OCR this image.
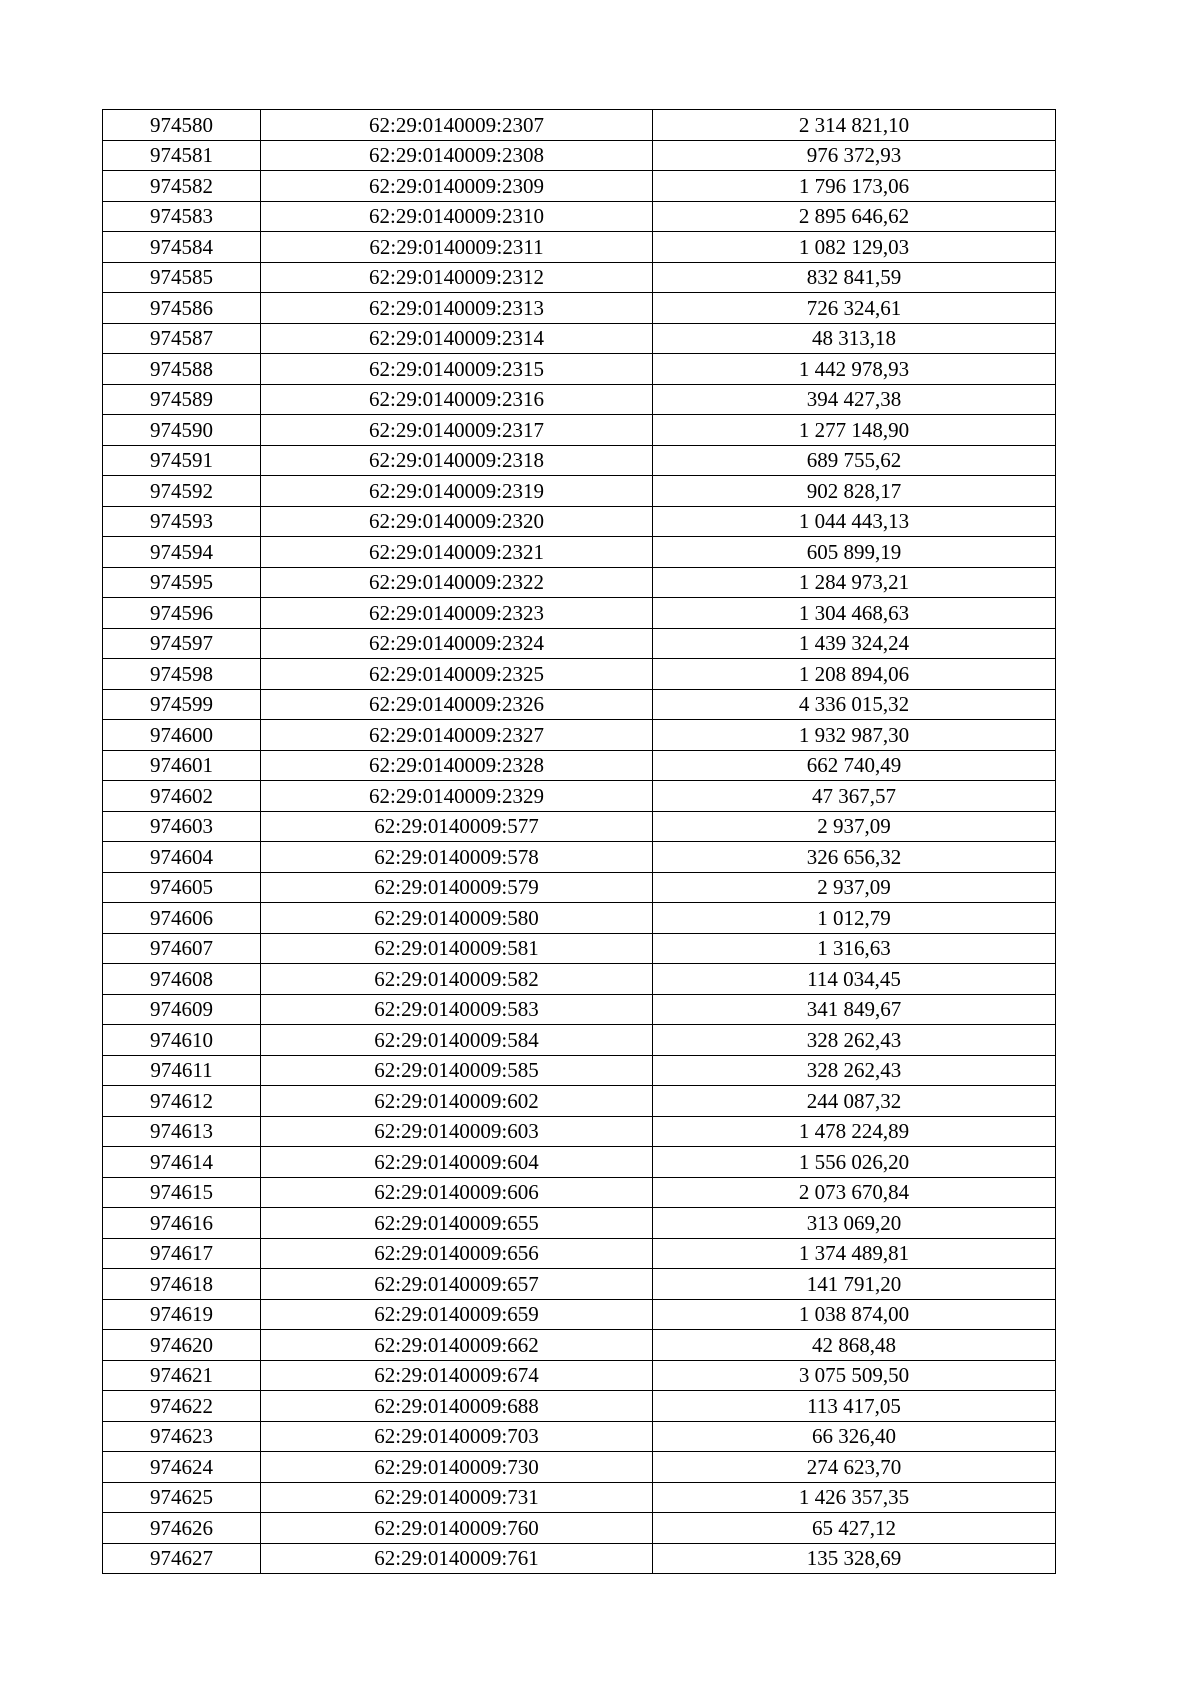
974580	62:29:0140009:2307	2 314 821,10
974581	62:29:0140009:2308	976 372,93
974582	62:29:0140009:2309	1 796 173,06
974583	62:29:0140009:2310	2 895 646,62
974584	62:29:0140009:2311	1 082 129,03
974585	62:29:0140009:2312	832 841,59
974586	62:29:0140009:2313	726 324,61
974587	62:29:0140009:2314	48 313,18
974588	62:29:0140009:2315	1 442 978,93
974589	62:29:0140009:2316	394 427,38
974590	62:29:0140009:2317	1 277 148,90
974591	62:29:0140009:2318	689 755,62
974592	62:29:0140009:2319	902 828,17
974593	62:29:0140009:2320	1 044 443,13
974594	62:29:0140009:2321	605 899,19
974595	62:29:0140009:2322	1 284 973,21
974596	62:29:0140009:2323	1 304 468,63
974597	62:29:0140009:2324	1 439 324,24
974598	62:29:0140009:2325	1 208 894,06
974599	62:29:0140009:2326	4 336 015,32
974600	62:29:0140009:2327	1 932 987,30
974601	62:29:0140009:2328	662 740,49
974602	62:29:0140009:2329	47 367,57
974603	62:29:0140009:577	2 937,09
974604	62:29:0140009:578	326 656,32
974605	62:29:0140009:579	2 937,09
974606	62:29:0140009:580	1 012,79
974607	62:29:0140009:581	1 316,63
974608	62:29:0140009:582	114 034,45
974609	62:29:0140009:583	341 849,67
974610	62:29:0140009:584	328 262,43
974611	62:29:0140009:585	328 262,43
974612	62:29:0140009:602	244 087,32
974613	62:29:0140009:603	1 478 224,89
974614	62:29:0140009:604	1 556 026,20
974615	62:29:0140009:606	2 073 670,84
974616	62:29:0140009:655	313 069,20
974617	62:29:0140009:656	1 374 489,81
974618	62:29:0140009:657	141 791,20
974619	62:29:0140009:659	1 038 874,00
974620	62:29:0140009:662	42 868,48
974621	62:29:0140009:674	3 075 509,50
974622	62:29:0140009:688	113 417,05
974623	62:29:0140009:703	66 326,40
974624	62:29:0140009:730	274 623,70
974625	62:29:0140009:731	1 426 357,35
974626	62:29:0140009:760	65 427,12
974627	62:29:0140009:761	135 328,69
